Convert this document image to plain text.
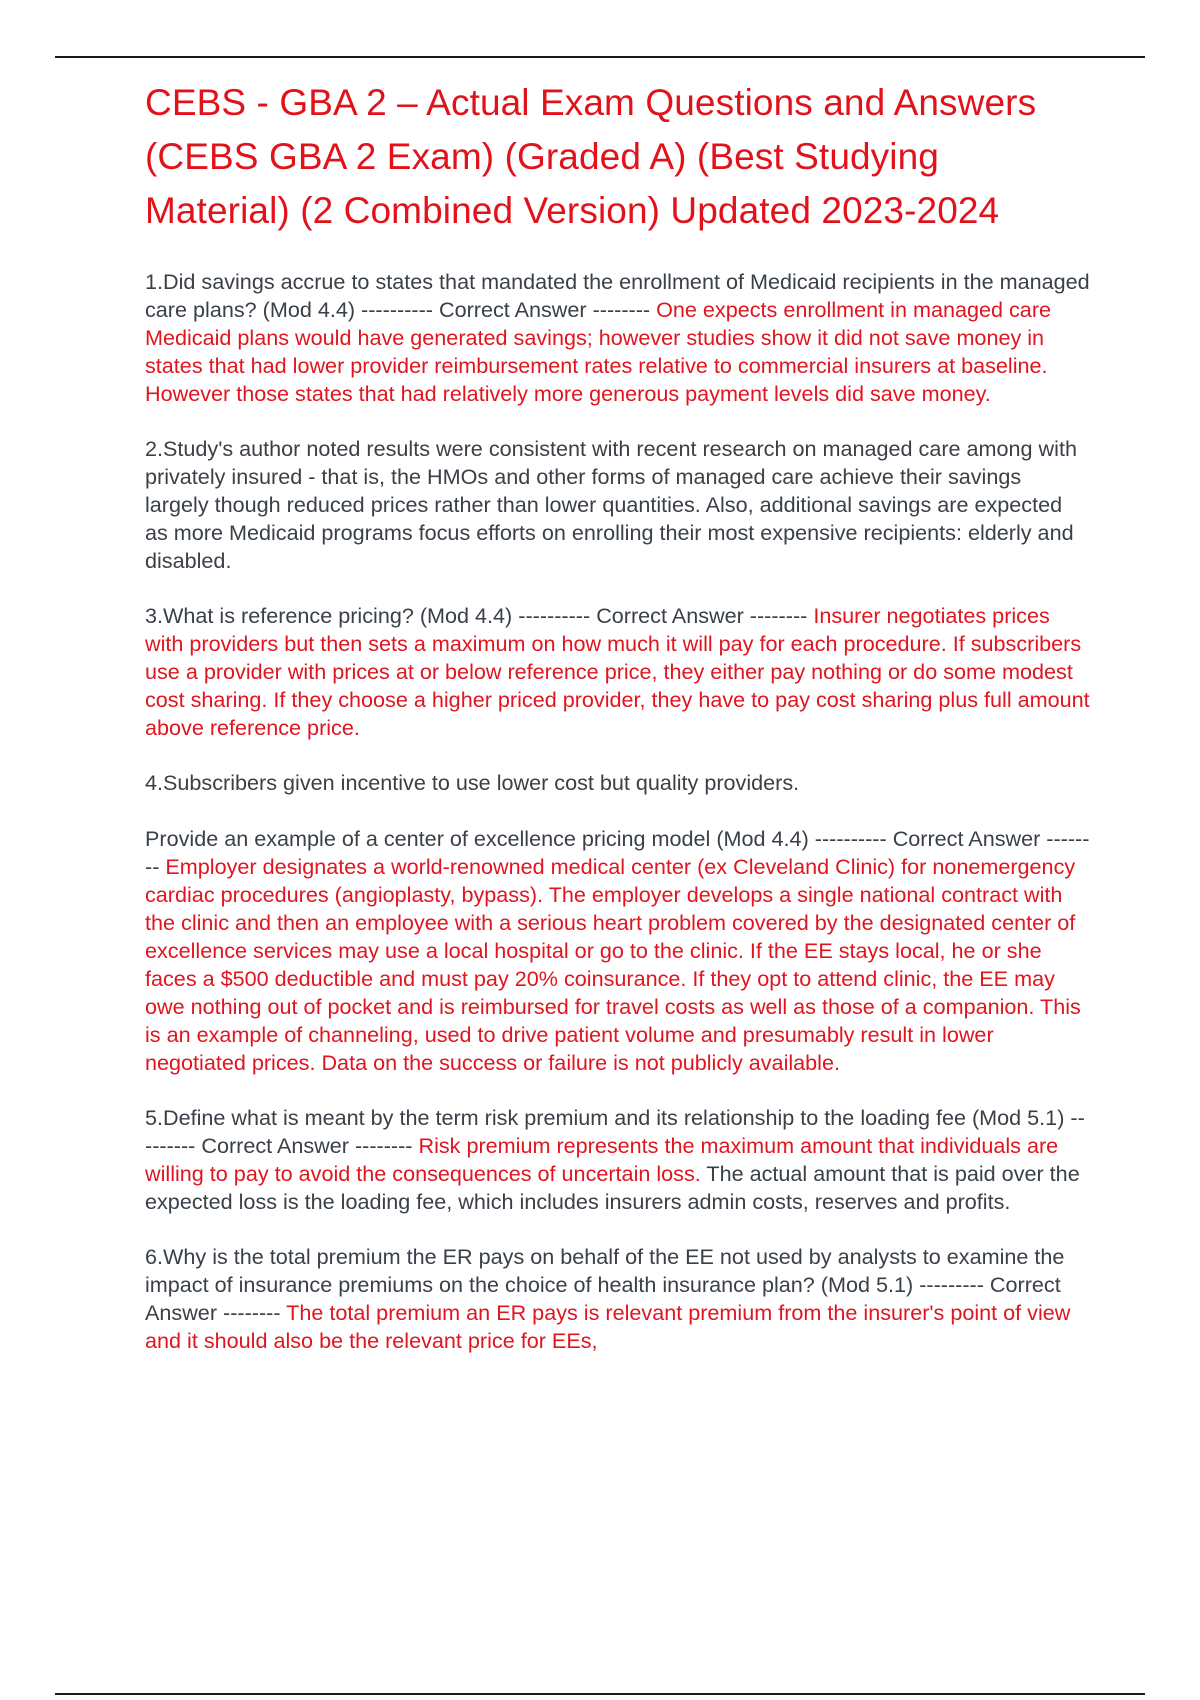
CEBS - GBA 2 – Actual Exam Questions and Answers (CEBS GBA 2 Exam) (Graded A) (Best Studying Material) (2 Combined Version) Updated 2023-2024

1.Did savings accrue to states that mandated the enrollment of Medicaid recipients in the managed care plans? (Mod 4.4) ---------- Correct Answer -------- One expects enrollment in managed care Medicaid plans would have generated savings; however studies show it did not save money in states that had lower provider reimbursement rates relative to commercial insurers at baseline. However those states that had relatively more generous payment levels did save money.

2.Study's author noted results were consistent with recent research on managed care among with privately insured - that is, the HMOs and other forms of managed care achieve their savings largely though reduced prices rather than lower quantities. Also, additional savings are expected as more Medicaid programs focus efforts on enrolling their most expensive recipients: elderly and disabled.

3.What is reference pricing? (Mod 4.4) ---------- Correct Answer -------- Insurer negotiates prices with providers but then sets a maximum on how much it will pay for each procedure. If subscribers use a provider with prices at or below reference price, they either pay nothing or do some modest cost sharing. If they choose a higher priced provider, they have to pay cost sharing plus full amount above reference price.

4.Subscribers given incentive to use lower cost but quality providers.
Provide an example of a center of excellence pricing model (Mod 4.4) ---------- Correct Answer -------- Employer designates a world-renowned medical center (ex Cleveland Clinic) for nonemergency cardiac procedures (angioplasty, bypass). The employer develops a single national contract with the clinic and then an employee with a serious heart problem covered by the designated center of excellence services may use a local hospital or go to the clinic. If the EE stays local, he or she faces a $500 deductible and must pay 20% coinsurance. If they opt to attend clinic, the EE may owe nothing out of pocket and is reimbursed for travel costs as well as those of a companion. This is an example of channeling, used to drive patient volume and presumably result in lower negotiated prices. Data on the success or failure is not publicly available.

5.Define what is meant by the term risk premium and its relationship to the loading fee (Mod 5.1) --------- Correct Answer -------- Risk premium represents the maximum amount that individuals are willing to pay to avoid the consequences of uncertain loss. The actual amount that is paid over the expected loss is the loading fee, which includes insurers admin costs, reserves and profits.

6.Why is the total premium the ER pays on behalf of the EE not used by analysts to examine the impact of insurance premiums on the choice of health insurance plan? (Mod 5.1) --------- Correct Answer -------- The total premium an ER pays is relevant premium from the insurer's point of view and it should also be the relevant price for EEs,
